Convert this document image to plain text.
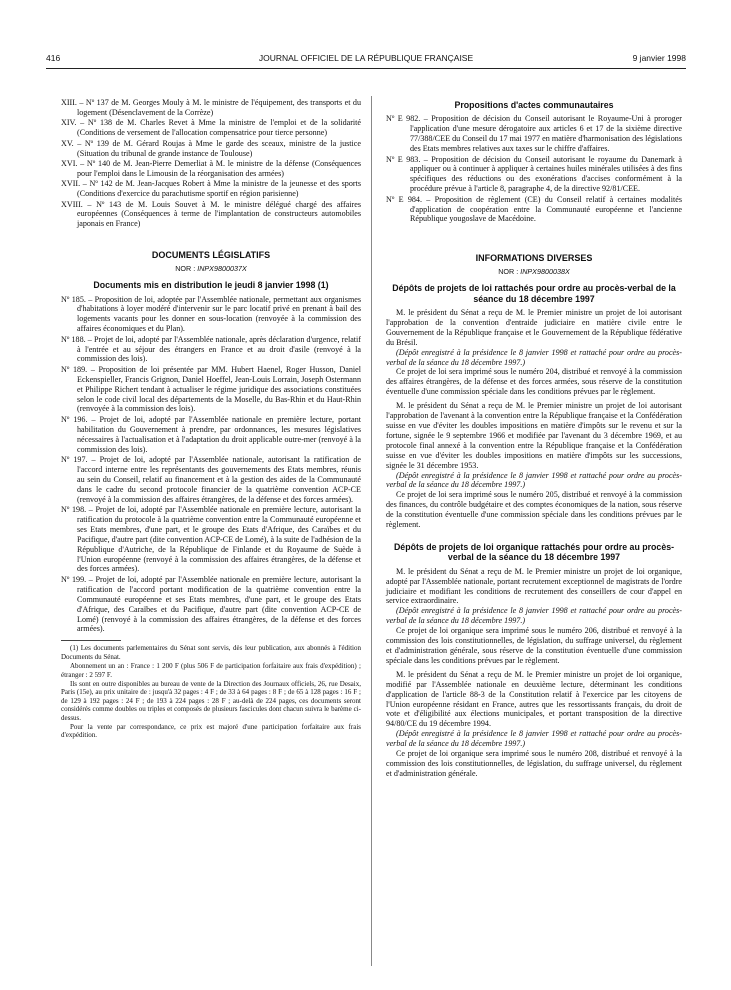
416	JOURNAL OFFICIEL DE LA RÉPUBLIQUE FRANÇAISE	9 janvier 1998

XIII. – Nº 137 de M. Georges Mouly à M. le ministre de l'équipement, des transports et du logement (Désenclavement de la Corrèze)

XIV. – Nº 138 de M. Charles Revet à Mme la ministre de l'emploi et de la solidarité (Conditions de versement de l'allocation compensatrice pour tierce personne)

XV. – Nº 139 de M. Gérard Roujas à Mme le garde des sceaux, ministre de la justice (Situation du tribunal de grande instance de Toulouse)

XVI. – Nº 140 de M. Jean-Pierre Demerliat à M. le ministre de la défense (Conséquences pour l'emploi dans le Limousin de la réorganisation des armées)

XVII. – Nº 142 de M. Jean-Jacques Robert à Mme la ministre de la jeunesse et des sports (Conditions d'exercice du parachutisme sportif en région parisienne)

XVIII. – Nº 143 de M. Louis Souvet à M. le ministre délégué chargé des affaires européennes (Conséquences à terme de l'implantation de constructeurs automobiles japonais en France)

DOCUMENTS LÉGISLATIFS
NOR : INPX9800037X
Documents mis en distribution le jeudi 8 janvier 1998 (1)

Nº 185. – Proposition de loi, adoptée par l'Assemblée nationale, permettant aux organismes d'habitations à loyer modéré d'intervenir sur le parc locatif privé en prenant à bail des logements vacants pour les donner en sous-location (renvoyée à la commission des affaires économiques et du Plan).

Nº 188. – Projet de loi, adopté par l'Assemblée nationale, après déclaration d'urgence, relatif à l'entrée et au séjour des étrangers en France et au droit d'asile (renvoyé à la commission des lois).

Nº 189. – Proposition de loi présentée par MM. Hubert Haenel, Roger Husson, Daniel Eckenspieller, Francis Grignon, Daniel Hoeffel, Jean-Louis Lorrain, Joseph Ostermann et Philippe Richert tendant à actualiser le régime juridique des associations constituées selon le code civil local des départements de la Moselle, du Bas-Rhin et du Haut-Rhin (renvoyée à la commission des lois).

Nº 196. – Projet de loi, adopté par l'Assemblée nationale en première lecture, portant habilitation du Gouvernement à prendre, par ordonnances, les mesures législatives nécessaires à l'actualisation et à l'adaptation du droit applicable outre-mer (renvoyé à la commission des lois).

Nº 197. – Projet de loi, adopté par l'Assemblée nationale, autorisant la ratification de l'accord interne entre les représentants des gouvernements des Etats membres, réunis au sein du Conseil, relatif au financement et à la gestion des aides de la Communauté dans le cadre du second protocole financier de la quatrième convention ACP-CE (renvoyé à la commission des affaires étrangères, de la défense et des forces armées).

Nº 198. – Projet de loi, adopté par l'Assemblée nationale en première lecture, autorisant la ratification du protocole à la quatrième convention entre la Communauté européenne et ses Etats membres, d'une part, et le groupe des Etats d'Afrique, des Caraïbes et du Pacifique, d'autre part (dite convention ACP-CE de Lomé), à la suite de l'adhésion de la République d'Autriche, de la République de Finlande et du Royaume de Suède à l'Union européenne (renvoyé à la commission des affaires étrangères, de la défense et des forces armées).

Nº 199. – Projet de loi, adopté par l'Assemblée nationale en première lecture, autorisant la ratification de l'accord portant modification de la quatrième convention entre la Communauté européenne et ses Etats membres, d'une part, et le groupe des Etats d'Afrique, des Caraïbes et du Pacifique, d'autre part (dite convention ACP-CE de Lomé) (renvoyé à la commission des affaires étrangères, de la défense et des forces armées).

(1) Les documents parlementaires du Sénat sont servis, dès leur publication, aux abonnés à l'édition Documents du Sénat.

Abonnement un an : France : 1 200 F (plus 506 F de participation forfaitaire aux frais d'expédition) ; étranger : 2 597 F.

Ils sont en outre disponibles au bureau de vente de la Direction des Journaux officiels, 26, rue Desaix, Paris (15e), au prix unitaire de : jusqu'à 32 pages : 4 F ; de 33 à 64 pages : 8 F ; de 65 à 128 pages : 16 F ; de 129 à 192 pages : 24 F ; de 193 à 224 pages : 28 F ; au-delà de 224 pages, ces documents seront considérés comme doubles ou triples et composés de plusieurs fascicules dont chacun suivra le barème ci-dessus.

Pour la vente par correspondance, ce prix est majoré d'une participation forfaitaire aux frais d'expédition.

Propositions d'actes communautaires

Nº E 982. – Proposition de décision du Conseil autorisant le Royaume-Uni à proroger l'application d'une mesure dérogatoire aux articles 6 et 17 de la sixième directive 77/388/CEE du Conseil du 17 mai 1977 en matière d'harmonisation des législations des Etats membres relatives aux taxes sur le chiffre d'affaires.

Nº E 983. – Proposition de décision du Conseil autorisant le royaume du Danemark à appliquer ou à continuer à appliquer à certaines huiles minérales utilisées à des fins spécifiques des réductions ou des exonérations d'accises conformément à la procédure prévue à l'article 8, paragraphe 4, de la directive 92/81/CEE.

Nº E 984. – Proposition de règlement (CE) du Conseil relatif à certaines modalités d'application de coopération entre la Communauté européenne et l'ancienne République yougoslave de Macédoine.

INFORMATIONS DIVERSES
NOR : INPX9800038X
Dépôts de projets de loi rattachés pour ordre au procès-verbal de la séance du 18 décembre 1997

M. le président du Sénat a reçu de M. le Premier ministre un projet de loi autorisant l'approbation de la convention d'entraide judiciaire en matière civile entre le Gouvernement de la République française et le Gouvernement de la République fédérative du Brésil.

(Dépôt enregistré à la présidence le 8 janvier 1998 et rattaché pour ordre au procès-verbal de la séance du 18 décembre 1997.)

Ce projet de loi sera imprimé sous le numéro 204, distribué et renvoyé à la commission des affaires étrangères, de la défense et des forces armées, sous réserve de la constitution éventuelle d'une commission spéciale dans les conditions prévues par le règlement.

M. le président du Sénat a reçu de M. le Premier ministre un projet de loi autorisant l'approbation de l'avenant à la convention entre la République française et la Confédération suisse en vue d'éviter les doubles impositions en matière d'impôts sur le revenu et sur la fortune, signée le 9 septembre 1966 et modifiée par l'avenant du 3 décembre 1969, et au protocole final annexé à la convention entre la République française et la Confédération suisse en vue d'éviter les doubles impositions en matière d'impôts sur les successions, signée le 31 décembre 1953.

(Dépôt enregistré à la présidence le 8 janvier 1998 et rattaché pour ordre au procès-verbal de la séance du 18 décembre 1997.)

Ce projet de loi sera imprimé sous le numéro 205, distribué et renvoyé à la commission des finances, du contrôle budgétaire et des comptes économiques de la nation, sous réserve de la constitution éventuelle d'une commission spéciale dans les conditions prévues par le règlement.

Dépôts de projets de loi organique rattachés pour ordre au procès-verbal de la séance du 18 décembre 1997

M. le président du Sénat a reçu de M. le Premier ministre un projet de loi organique, adopté par l'Assemblée nationale, portant recrutement exceptionnel de magistrats de l'ordre judiciaire et modifiant les conditions de recrutement des conseillers de cour d'appel en service extraordinaire.

(Dépôt enregistré à la présidence le 8 janvier 1998 et rattaché pour ordre au procès-verbal de la séance du 18 décembre 1997.)

Ce projet de loi organique sera imprimé sous le numéro 206, distribué et renvoyé à la commission des lois constitutionnelles, de législation, du suffrage universel, du règlement et d'administration générale, sous réserve de la constitution éventuelle d'une commission spéciale dans les conditions prévues par le règlement.

M. le président du Sénat a reçu de M. le Premier ministre un projet de loi organique, modifié par l'Assemblée nationale en deuxième lecture, déterminant les conditions d'application de l'article 88-3 de la Constitution relatif à l'exercice par les citoyens de l'Union européenne résidant en France, autres que les ressortissants français, du droit de vote et d'éligibilité aux élections municipales, et portant transposition de la directive 94/80/CE du 19 décembre 1994.

(Dépôt enregistré à la présidence le 8 janvier 1998 et rattaché pour ordre au procès-verbal de la séance du 18 décembre 1997.)

Ce projet de loi organique sera imprimé sous le numéro 208, distribué et renvoyé à la commission des lois constitutionnelles, de législation, du suffrage universel, du règlement et d'administration générale.
